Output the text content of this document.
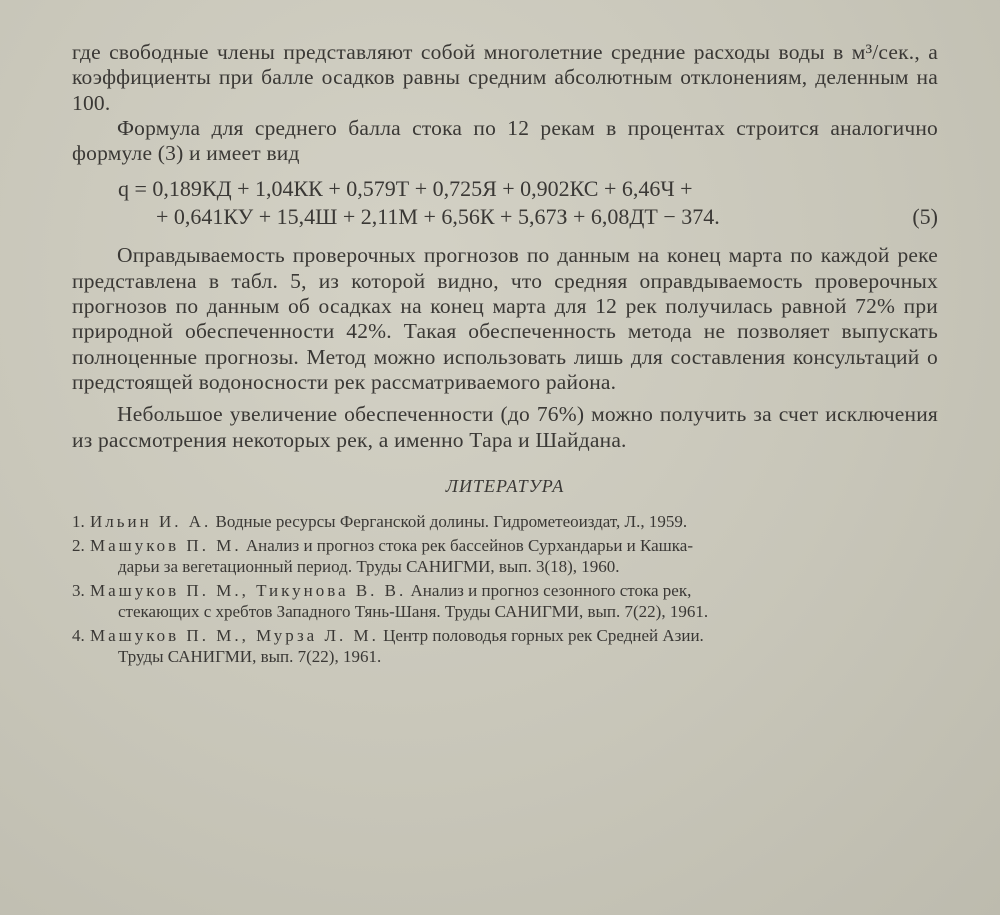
где свободные члены представляют собой многолетние средние расходы воды в м³/сек., а коэффициенты при балле осадков равны средним абсолютным отклонениям, деленным на 100.

Формула для среднего балла стока по 12 рекам в процентах строится аналогично формуле (3) и имеет вид

q = 0,189КД + 1,04КК + 0,579Т + 0,725Я + 0,902КС + 6,46Ч +
+ 0,641КУ + 15,4Ш + 2,11М + 6,56К + 5,67З + 6,08ДТ − 374.	(5)

Оправдываемость проверочных прогнозов по данным на конец марта по каждой реке представлена в табл. 5, из которой видно, что средняя оправдываемость проверочных прогнозов по данным об осадках на конец марта для 12 рек получилась равной 72% при природной обеспеченности 42%. Такая обеспеченность метода не позволяет выпускать полноценные прогнозы. Метод можно использовать лишь для составления консультаций о предстоящей водоносности рек рассматриваемого района.

Небольшое увеличение обеспеченности (до 76%) можно получить за счет исключения из рассмотрения некоторых рек, а именно Тара и Шайдана.

ЛИТЕРАТУРА
1. Ильин И. А. Водные ресурсы Ферганской долины. Гидрометеоиздат, Л., 1959.
2. Машуков П. М. Анализ и прогноз стока рек бассейнов Сурхандарьи и Кашка-
дарьи за вегетационный период. Труды САНИГМИ, вып. 3(18), 1960.
3. Машуков П. М., Тикунова В. В. Анализ и прогноз сезонного стока рек,
стекающих с хребтов Западного Тянь-Шаня. Труды САНИГМИ, вып. 7(22), 1961.
4. Машуков П. М., Мурза Л. М. Центр половодья горных рек Средней Азии.
Труды САНИГМИ, вып. 7(22), 1961.
